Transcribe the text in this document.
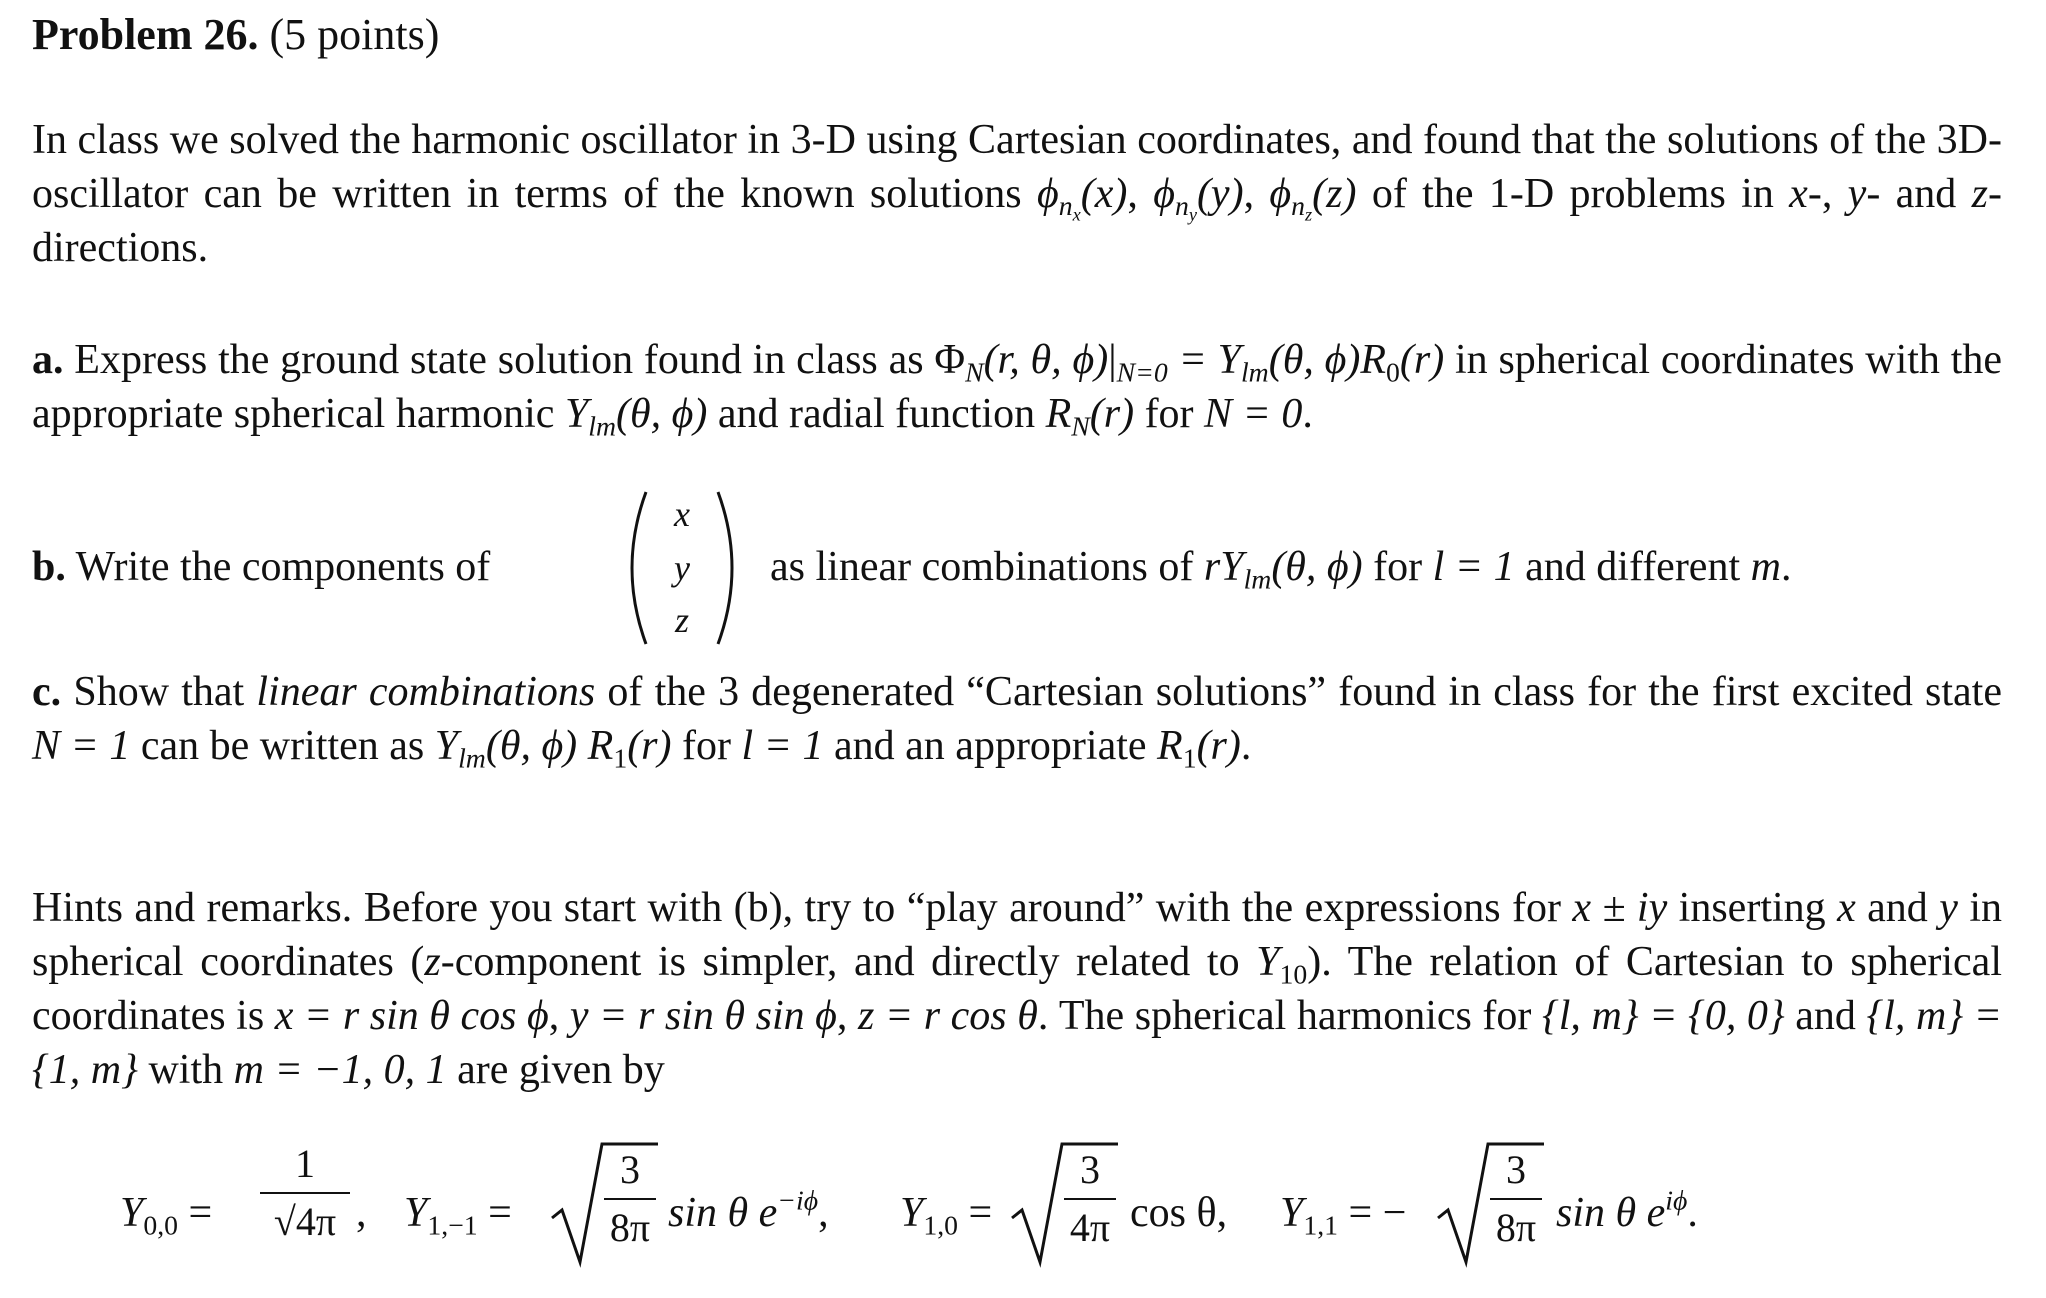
Problem 26. (5 points)
In class we solved the harmonic oscillator in 3-D using Cartesian coordinates, and found that the solutions of the 3D-oscillator can be written in terms of the known solutions $\phi_{n_x}(x)$, $\phi_{n_y}(y)$, $\phi_{n_z}(z)$ of the 1-D problems in x-, y- and z-directions.
a. Express the ground state solution found in class as $\Phi_N(r$, θ, $\phi)|_{N=0} = Y_{lm}(\theta$, $\phi)R_0(r)$ in spherical coordinates with the appropriate spherical harmonic $Y_{lm}(\theta$, ϕ) and radial function $R_N(r)$ for N = 0.
b. Write the components of
x
y
z
as linear combinations of $rY_{lm}(\theta$, ϕ) for l = 1 and different m.
c. Show that linear combinations of the 3 degenerated “Cartesian solutions” found in class for the first excited state N = 1 can be written as $Y_{lm}(\theta$, ϕ) $R_1(r)$ for l = 1 and an appropriate $R_1(r)$.
Hints and remarks. Before you start with (b), try to “play around” with the expressions for x ± iy inserting x and y in spherical coordinates (z-component is simpler, and directly related to $Y_{10}$). The relation of Cartesian to spherical coordinates is x = r sin θ cos ϕ, y = r sin θ sin ϕ, z = r cos θ. The spherical harmonics for {l, m} = {0, 0} and {l, m} = {1, m} with m = −1, 0, 1 are given by
$Y_{0,0}$ =
1
√4π , $Y_{1,-1}$ =
3
8π sin θ $e^{-i\phi}$, $Y_{1,0}$ =
3
4π cos θ, $Y_{1,1}$ = −
3
8π sin θ $e^{i\phi}$.
